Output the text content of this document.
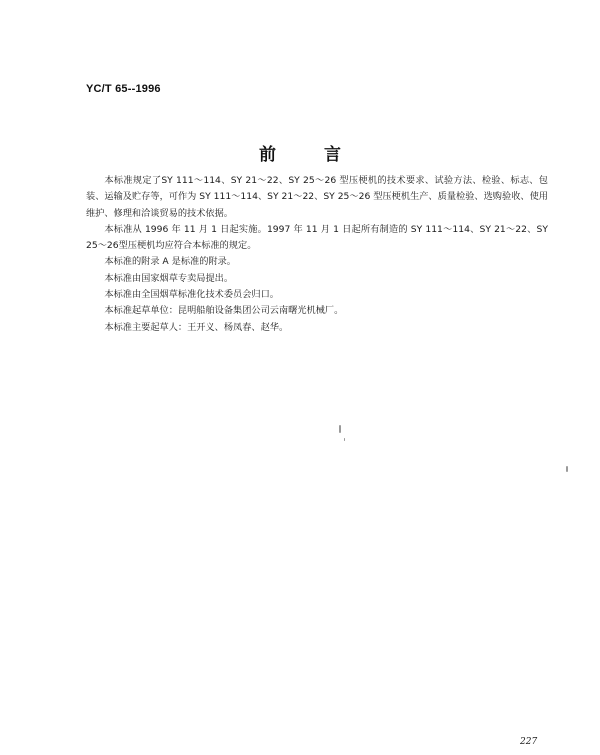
YC/T 65--1996
前	言

本标准规定了SY 111～114、SY 21～22、SY 25～26 型压梗机的技术要求、试验方法、检验、标志、包装、运输及贮存等，可作为 SY 111～114、SY 21～22、SY 25～26 型压梗机生产、质量检验、选购验收、使用维护、修理和洽谈贸易的技术依据。

本标准从 1996 年 11 月 1 日起实施。1997 年 11 月 1 日起所有制造的 SY 111～114、SY 21～22、SY 25～26型压梗机均应符合本标准的规定。

本标准的附录 A 是标准的附录。

本标准由国家烟草专卖局提出。

本标准由全国烟草标准化技术委员会归口。

本标准起草单位：昆明船舶设备集团公司云南曙光机械厂。

本标准主要起草人：王开义、杨凤春、赵华。

227
